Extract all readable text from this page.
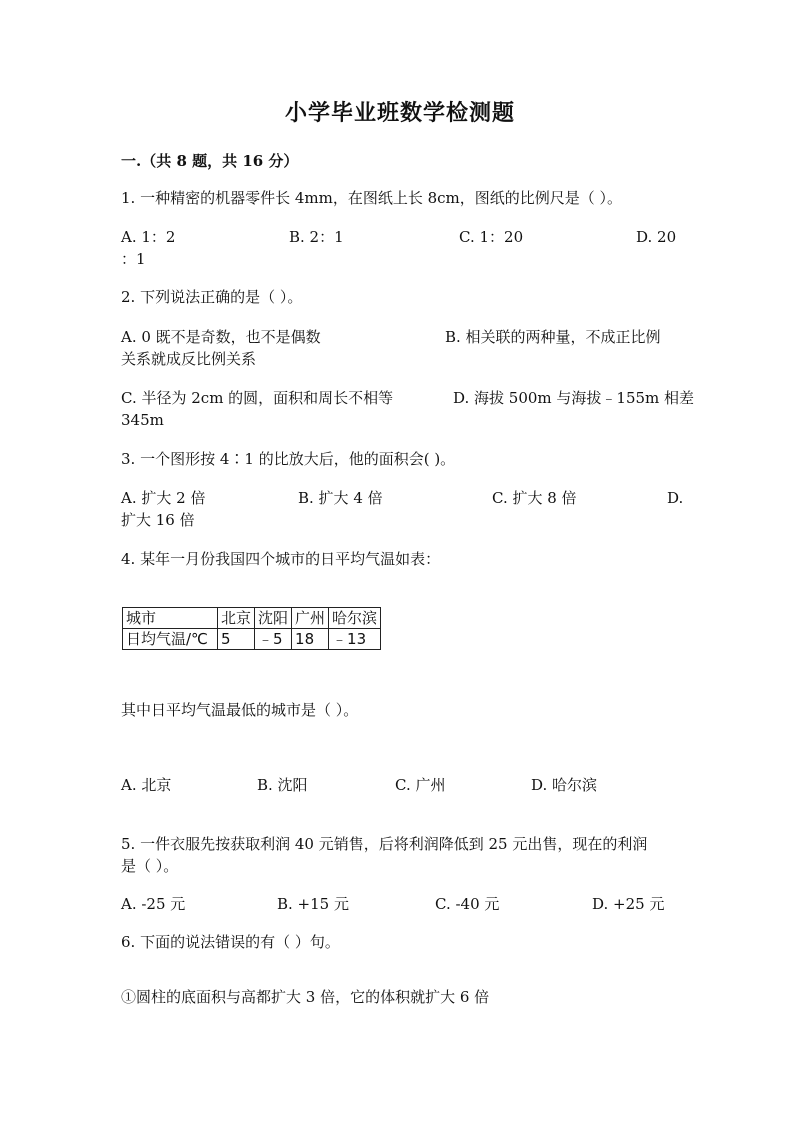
小学毕业班数学检测题
一.（共 8 题，共 16 分）
1. 一种精密的机器零件长 4mm，在图纸上长 8cm，图纸的比例尺是（ ）。
A. 1：2	B. 2：1	C. 1：20	D. 20
：1
2. 下列说法正确的是（ ）。
A. 0 既不是奇数，也不是偶数	B. 相关联的两种量，不成正比例
关系就成反比例关系
C. 半径为 2cm 的圆，面积和周长不相等	D. 海拔 500m 与海拔﹣155m 相差
345m
3. 一个图形按 4∶1 的比放大后，他的面积会( )。
A. 扩大 2 倍	B. 扩大 4 倍	C. 扩大 8 倍	D.
扩大 16 倍
4. 某年一月份我国四个城市的日平均气温如表：
城市	北京	沈阳	广州	哈尔滨
日均气温/℃	5	﹣5	18	﹣13
其中日平均气温最低的城市是（ ）。
A. 北京	B. 沈阳	C. 广州	D. 哈尔滨
5. 一件衣服先按获取利润 40 元销售，后将利润降低到 25 元出售，现在的利润
是（ ）。
A. -25 元	B. +15 元	C. -40 元	D. +25 元
6. 下面的说法错误的有（ ）句。
①圆柱的底面积与高都扩大 3 倍，它的体积就扩大 6 倍
